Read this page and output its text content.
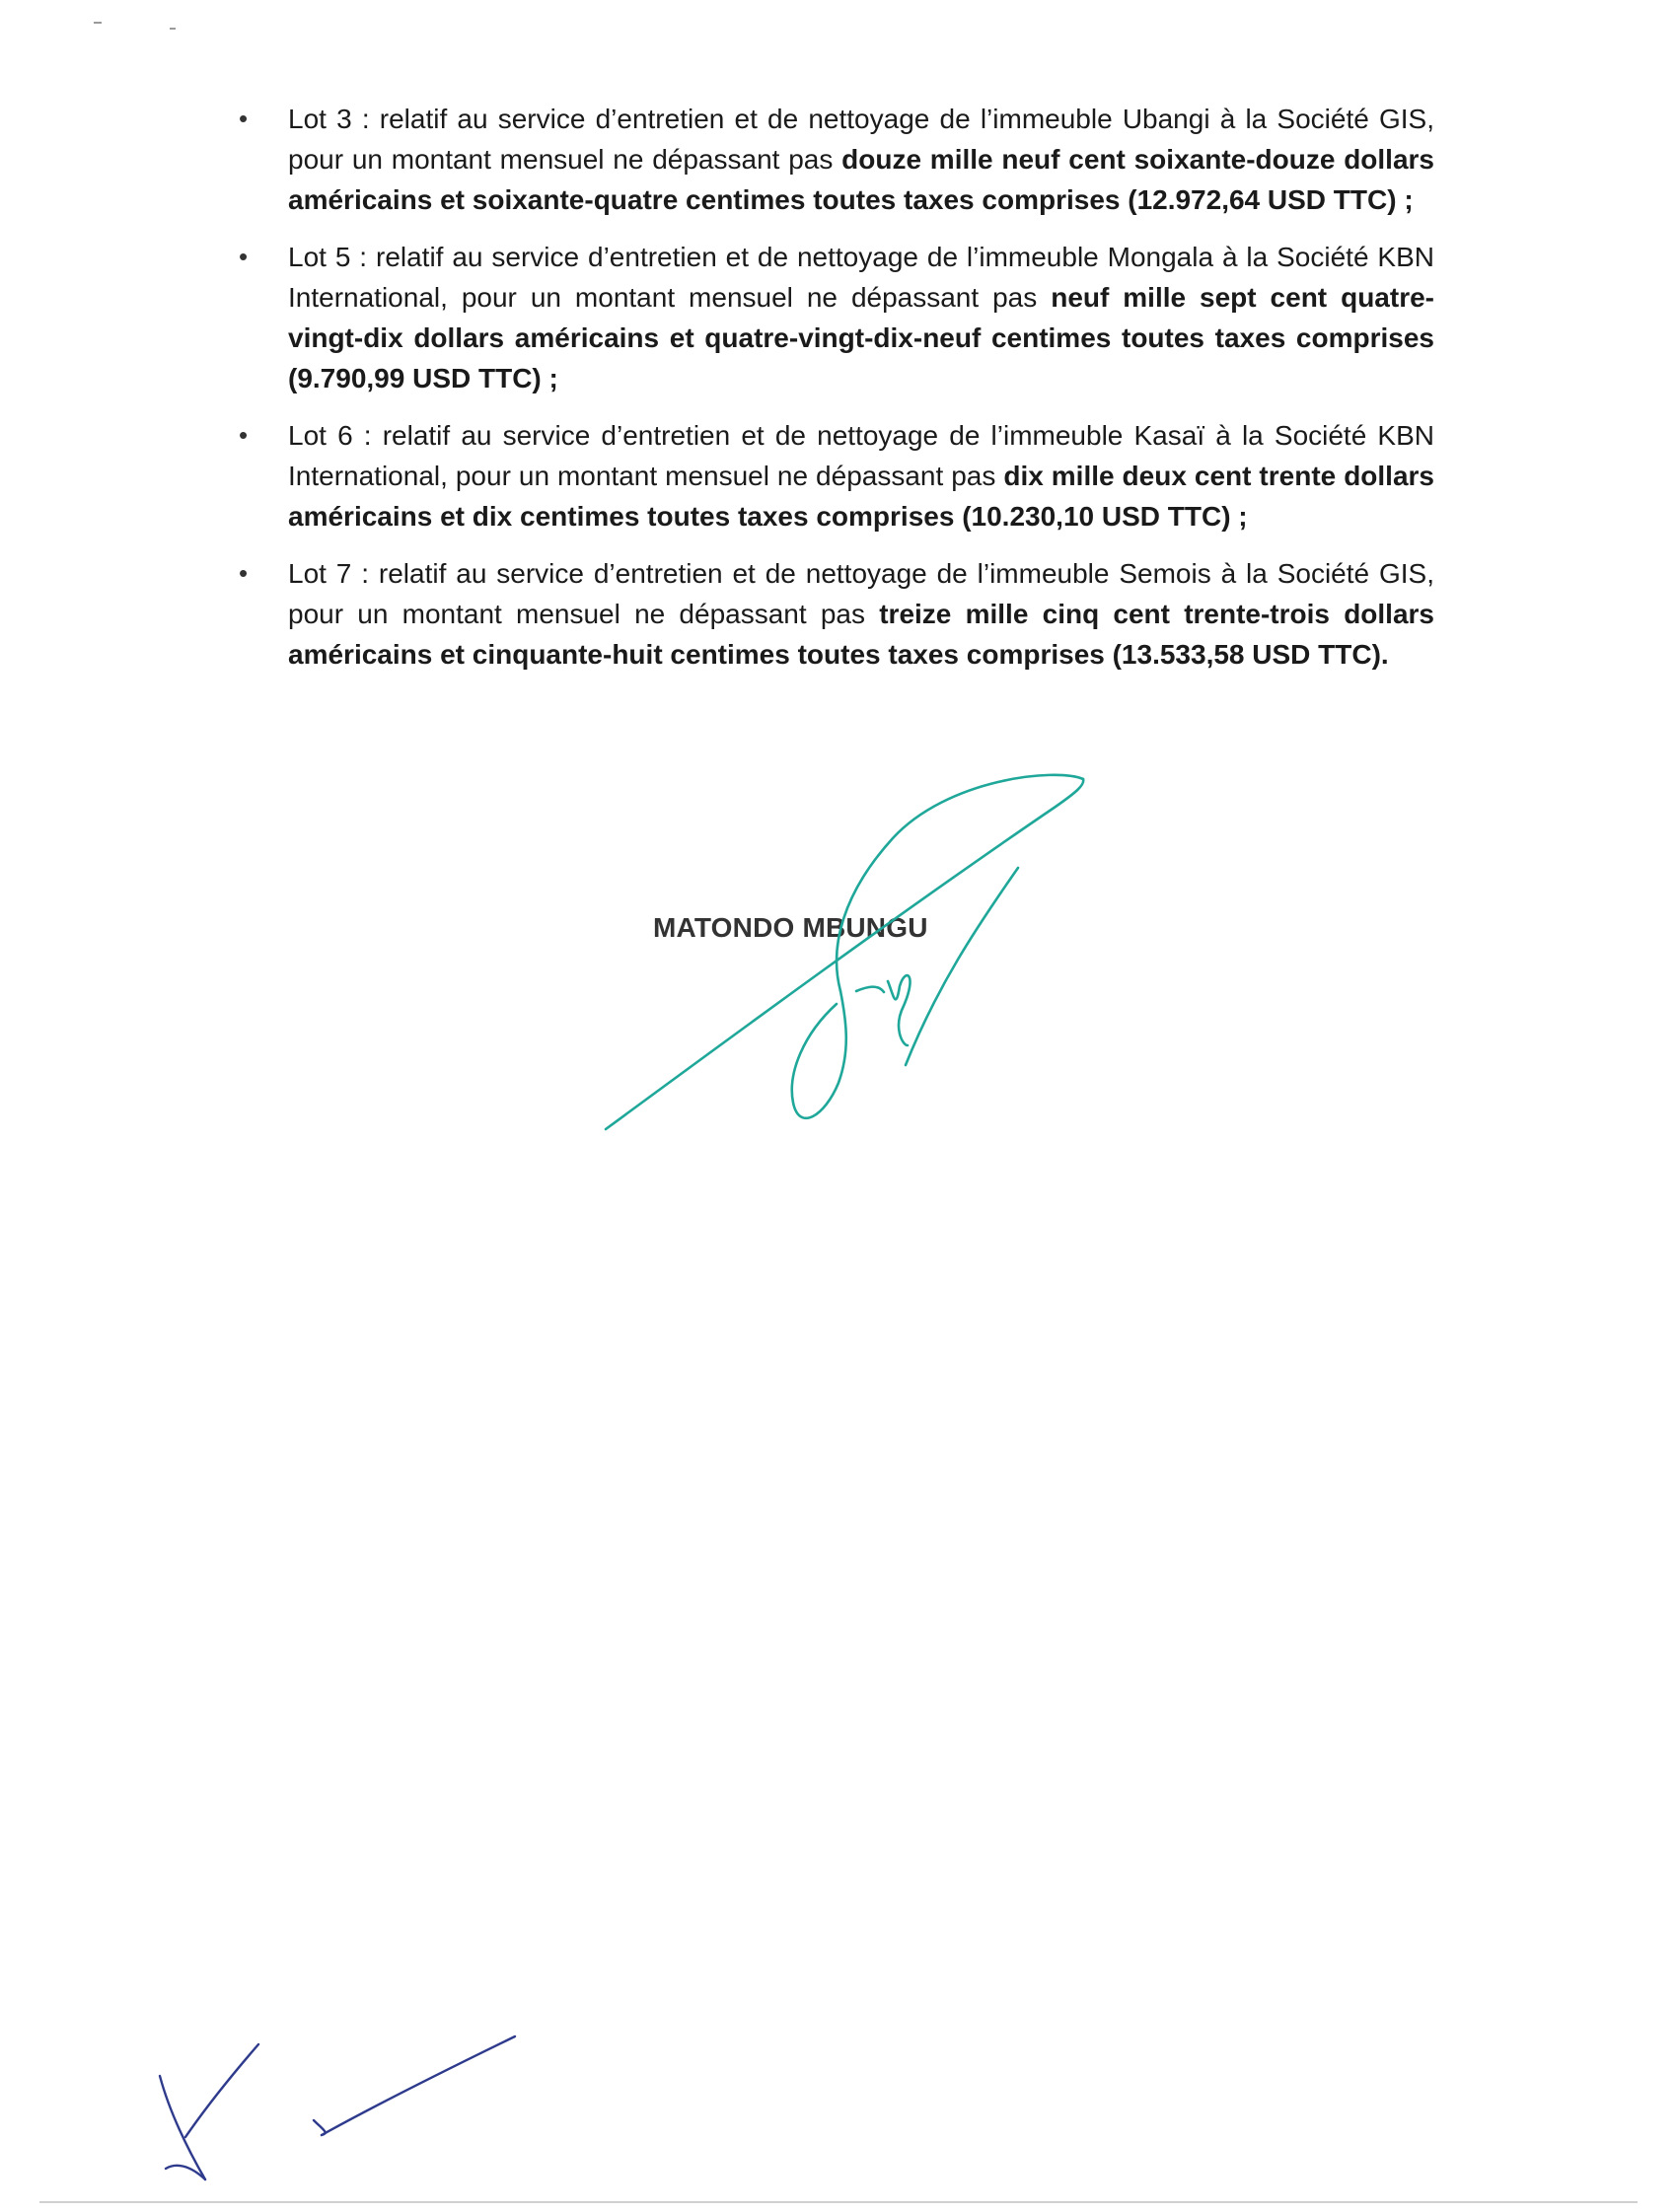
• Lot 3 : relatif au service d’entretien et de nettoyage de l’immeuble Ubangi à la Société GIS, pour un montant mensuel ne dépassant pas douze mille neuf cent soixante-douze dollars américains et soixante-quatre centimes toutes taxes comprises (12.972,64 USD TTC) ;
• Lot 5 : relatif au service d’entretien et de nettoyage de l’immeuble Mongala à la Société KBN International, pour un montant mensuel ne dépassant pas neuf mille sept cent quatre-vingt-dix dollars américains et quatre-vingt-dix-neuf centimes toutes taxes comprises (9.790,99 USD TTC) ;
• Lot 6 : relatif au service d’entretien et de nettoyage de l’immeuble Kasaï à la Société KBN International, pour un montant mensuel ne dépassant pas dix mille deux cent trente dollars américains et dix centimes toutes taxes comprises (10.230,10 USD TTC) ;
• Lot 7 : relatif au service d’entretien et de nettoyage de l’immeuble Semois à la Société GIS, pour un montant mensuel ne dépassant pas treize mille cinq cent trente-trois dollars américains et cinquante-huit centimes toutes taxes comprises (13.533,58 USD TTC).
MATONDO MBUNGU
